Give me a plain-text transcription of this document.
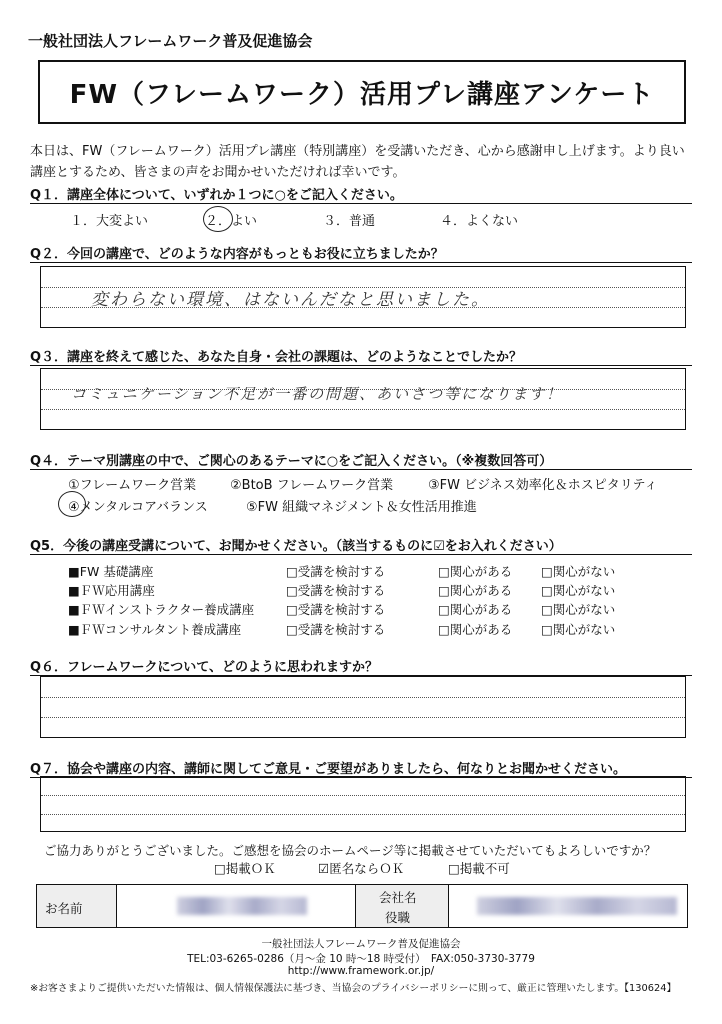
一般社団法人フレームワーク普及促進協会
FW（フレームワーク）活用プレ講座アンケート
本日は、FW（フレームワーク）活用プレ講座（特別講座）を受講いただき、心から感謝申し上げます。より良い講座とするため、皆さまの声をお聞かせいただければ幸いです。
Q１．講座全体について、いずれか１つに○をご記入ください。
１．大変よい	２．よい	３．普通	４．よくない
Q２．今回の講座で、どのような内容がもっともお役に立ちましたか？
変わらない環境、はないんだなと思いました。
Q３．講座を終えて感じた、あなた自身・会社の課題は、どのようなことでしたか？
コミュニケーション不足が一番の問題、あいさつ等になります！
Q４．テーマ別講座の中で、ご関心のあるテーマに○をご記入ください。（※複数回答可）
①フレームワーク営業	②BtoB フレームワーク営業	③FW ビジネス効率化＆ホスピタリティ
④メンタルコアバランス	⑤FW 組織マネジメント＆女性活用推進
Q5．今後の講座受講について、お聞かせください。（該当するものに☑をお入れください）
■FW 基礎講座	□受講を検討する	□関心がある □関心がない
■ＦＷ応用講座	□受講を検討する	□関心がある □関心がない
■ＦＷインストラクター養成講座	□受講を検討する	□関心がある □関心がない
■ＦＷコンサルタント養成講座	□受講を検討する	□関心がある □関心がない
Q６．フレームワークについて、どのように思われますか？
Q７．協会や講座の内容、講師に関してご意見・ご要望がありましたら、何なりとお聞かせください。
ご協力ありがとうございました。ご感想を協会のホームページ等に掲載させていただいてもよろしいですか？
□掲載ＯＫ	☑匿名ならＯＫ	□掲載不可
お名前
会社名
役職
一般社団法人フレームワーク普及促進協会
TEL:03-6265-0286（月～金 10 時～18 時受付）　FAX:050-3730-3779
http://www.framework.or.jp/
※お客さまよりご提供いただいた情報は、個人情報保護法に基づき、当協会のプライバシーポリシーに則って、厳正に管理いたします。【130624】
